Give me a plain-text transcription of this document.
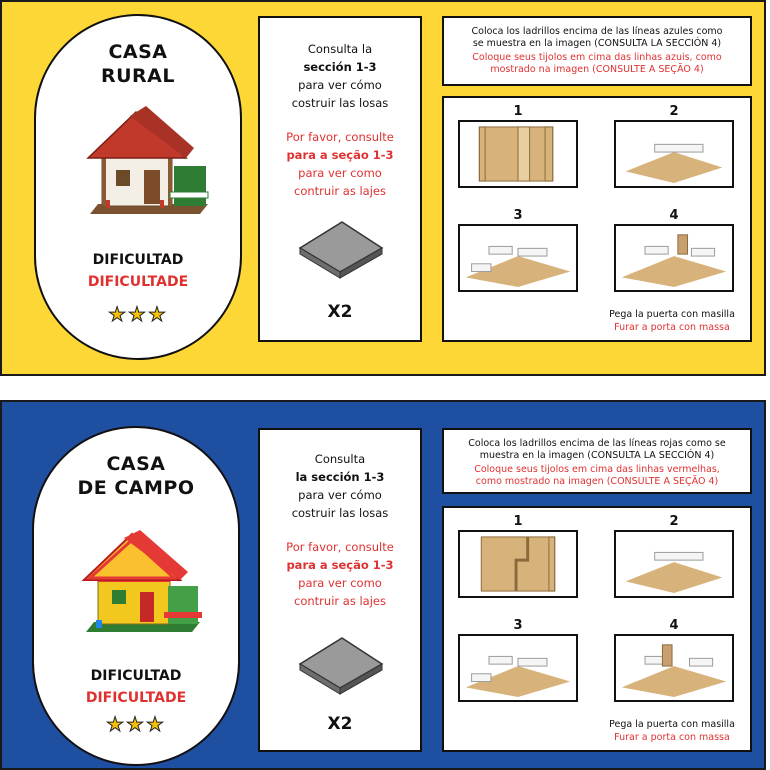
CASA
RURAL
DIFICULTAD
DIFICULTADE
★★★
Consulta la
sección 1-3
para ver cómo
costruir las losas
Por favor, consulte
para a seção 1-3
para ver como
contruir as lajes
X2
Coloca los ladrillos encima de las líneas azules como
se muestra en la imagen (CONSULTA LA SECCIÓN 4)
Coloque seus tijolos em cima das linhas azuis, como
mostrado na imagen (CONSULTE A SEÇÃO 4)
1	2
3	4
Pega la puerta con masilla
Furar a porta con massa
CASA
DE CAMPO
DIFICULTAD
DIFICULTADE
★★★
Consulta
la sección 1-3
para ver cómo
costruir las losas
Por favor, consulte
para a seção 1-3
para ver como
contruir as lajes
X2
Coloca los ladrillos encima de las líneas rojas como se
muestra en la imagen (CONSULTA LA SECCIÓN 4)
Coloque seus tijolos em cima das linhas vermelhas,
como mostrado na imagen (CONSULTE A SEÇÃO 4)
1	2
3	4
Pega la puerta con masilla
Furar a porta con massa
